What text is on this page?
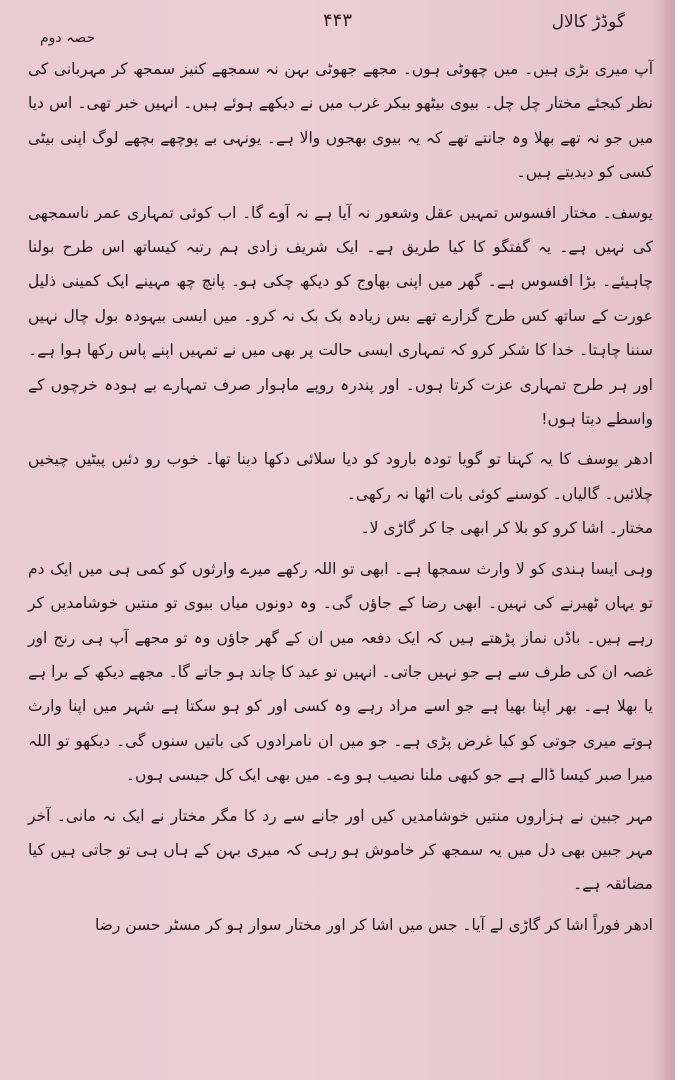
گوڈڑ کالال
۴۴۳
حصہ دوم

آپ میری بڑی ہیں۔ میں چھوٹی ہوں۔ مجھے جھوٹی بہن نہ سمجھے کنیز سمجھ کر مہربانی کی نظر کیجئے مختار چل چل۔ بیوی بیٹھو بیکر غرب میں نے دیکھے ہوئے ہیں۔ انہیں خبر تھی۔ اس دیا میں جو نہ تھے بھلا وہ جانتے تھے کہ یہ بیوی بھجوں والا ہے۔ یونہی بے پوچھے بچھے لوگ اپنی بیٹی کسی کو دیدیتے ہیں۔

یوسف۔ مختار افسوس تمہیں عقل وشعور نہ آیا ہے نہ آوے گا۔ اب کوئی تمہاری عمر ناسمجھی کی نہیں ہے۔ یہ گفتگو کا کیا طریق ہے۔ ایک شریف زادی ہم رتبہ کیساتھ اس طرح بولنا چاہیئے۔ بڑا افسوس ہے۔ گھر میں اپنی بھاوج کو دیکھ چکی ہو۔ پانچ چھ مہینے ایک کمینی ذلیل عورت کے ساتھ کس طرح گزارے تھے بس زیادہ بک بک نہ کرو۔ میں ایسی بیہودہ بول چال نہیں سننا چاہتا۔ خدا کا شکر کرو کہ تمہاری ایسی حالت پر بھی میں نے تمہیں اپنے پاس رکھا ہوا ہے۔ اور ہر طرح تمہاری عزت کرتا ہوں۔ اور پندرہ روپے ماہوار صرف تمہارے بے ہودہ خرچوں کے واسطے دیتا ہوں!

ادھر یوسف کا یہ کہنا تو گویا تودہ بارود کو دیا سلائی دکھا دینا تھا۔ خوب رو دئیں پیٹیں چیخیں چلائیں۔ گالیاں۔ کوسنے کوئی بات اٹھا نہ رکھی۔

مختار۔ اشا کرو کو بلا کر ابھی جا کر گاڑی لا۔

وہی ایسا ہندی کو لا وارث سمجھا ہے۔ ابھی تو اللہ رکھے میرے وارثوں کو کمی ہی میں ایک دم تو یہاں ٹھیرنے کی نہیں۔ ابھی رضا کے جاؤں گی۔ وہ دونوں میاں بیوی تو منتیں خوشامدیں کر رہے ہیں۔ باڈں نماز پڑھتے ہیں کہ ایک دفعہ میں ان کے گھر جاؤں وہ تو مجھے آپ ہی رنج اور غصہ ان کی طرف سے ہے جو نہیں جاتی۔ انہیں تو عید کا چاند ہو جاتے گا۔ مجھے دیکھ کے برا ہے یا بھلا ہے۔ بھر اپنا بھیا ہے جو اسے مراد رہے وہ کسی اور کو ہو سکتا ہے شہر میں اپنا وارث ہوتے میری جوتی کو کیا غرض پڑی ہے۔ جو میں ان نامرادوں کی باتیں سنوں گی۔ دیکھو تو اللہ میرا صبر کیسا ڈالے ہے جو کبھی ملنا نصیب ہو وے۔ میں بھی ایک کل جیسی ہوں۔

مہر جبین نے ہزاروں منتیں خوشامدیں کیں اور جانے سے رد کا مگر مختار نے ایک نہ مانی۔ آخر مہر جبین بھی دل میں یہ سمجھ کر خاموش ہو رہی کہ میری بہن کے ہاں ہی تو جاتی ہیں کیا مضائقہ ہے۔

ادھر فوراً اشا کر گاڑی لے آیا۔ جس میں اشا کر اور مختار سوار ہو کر مسٹر حسن رضا
